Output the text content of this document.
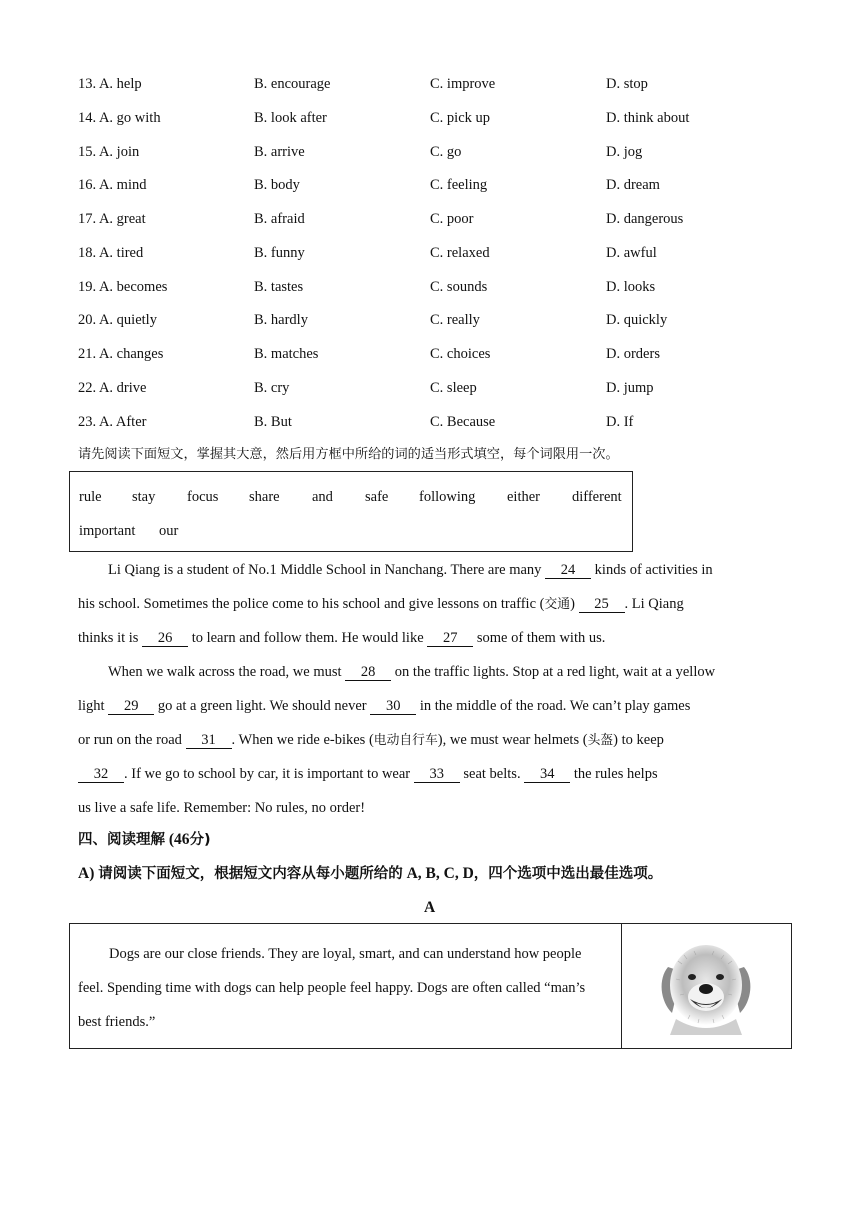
13. A. help	B. encourage	C. improve	D. stop
14. A. go with	B. look after	C. pick up	D. think about
15. A. join	B. arrive	C. go	D. jog
16. A. mind	B. body	C. feeling	D. dream
17. A. great	B. afraid	C. poor	D. dangerous
18. A. tired	B. funny	C. relaxed	D. awful
19. A. becomes	B. tastes	C. sounds	D. looks
20. A. quietly	B. hardly	C. really	D. quickly
21. A. changes	B. matches	C. choices	D. orders
22. A. drive	B. cry	C. sleep	D. jump
23. A. After	B. But	C. Because	D. If
请先阅读下面短文，掌握其大意，然后用方框中所给的词的适当形式填空，每个词限用一次。
rule stay focus share and safe following either different
important our
Li Qiang is a student of No.1 Middle School in Nanchang. There are many 24 kinds of activities in
his school. Sometimes the police come to his school and give lessons on traffic (交通) 25 . Li Qiang
thinks it is 26 to learn and follow them. He would like 27 some of them with us.
When we walk across the road, we must 28 on the traffic lights. Stop at a red light, wait at a yellow
light 29 go at a green light. We should never 30 in the middle of the road. We can’t play games
or run on the road 31 . When we ride e-bikes (电动自行车), we must wear helmets (头盔) to keep
32 . If we go to school by car, it is important to wear 33 seat belts. 34 the rules helps
us live a safe life. Remember: No rules, no order!
四、阅读理解 (46分)
A) 请阅读下面短文，根据短文内容从每小题所给的 A, B, C, D，四个选项中选出最佳选项。
A
Dogs are our close friends. They are loyal, smart, and can understand how people
feel. Spending time with dogs can help people feel happy. Dogs are often called “man’s
best friends.”
